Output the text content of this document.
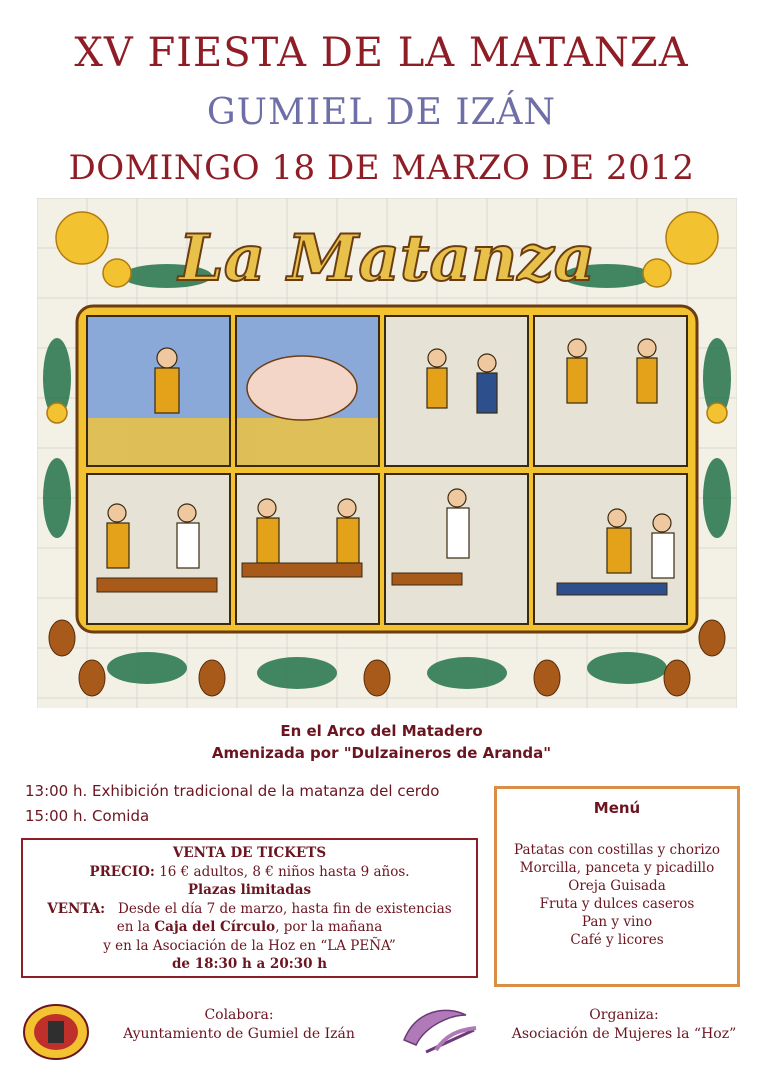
XV FIESTA DE LA MATANZA
GUMIEL DE IZÁN
DOMINGO 18 DE MARZO DE 2012
La Matanza
En el Arco del Matadero
Amenizada por "Dulzaineros de Aranda"
13:00 h. Exhibición tradicional de la matanza del cerdo
15:00 h. Comida
VENTA DE TICKETS
PRECIO: 16 € adultos, 8 € niños hasta 9 años.
Plazas limitadas
VENTA: Desde el día 7 de marzo, hasta fin de existencias
en la Caja del Círculo, por la mañana
y en la Asociación de la Hoz en “LA PEÑA”
de 18:30 h a 20:30 h
Menú
Patatas con costillas y chorizo
Morcilla, panceta y picadillo
Oreja Guisada
Fruta y dulces caseros
Pan y vino
Café y licores
Colabora:
Ayuntamiento de Gumiel de Izán
Organiza:
Asociación de Mujeres la “Hoz”
